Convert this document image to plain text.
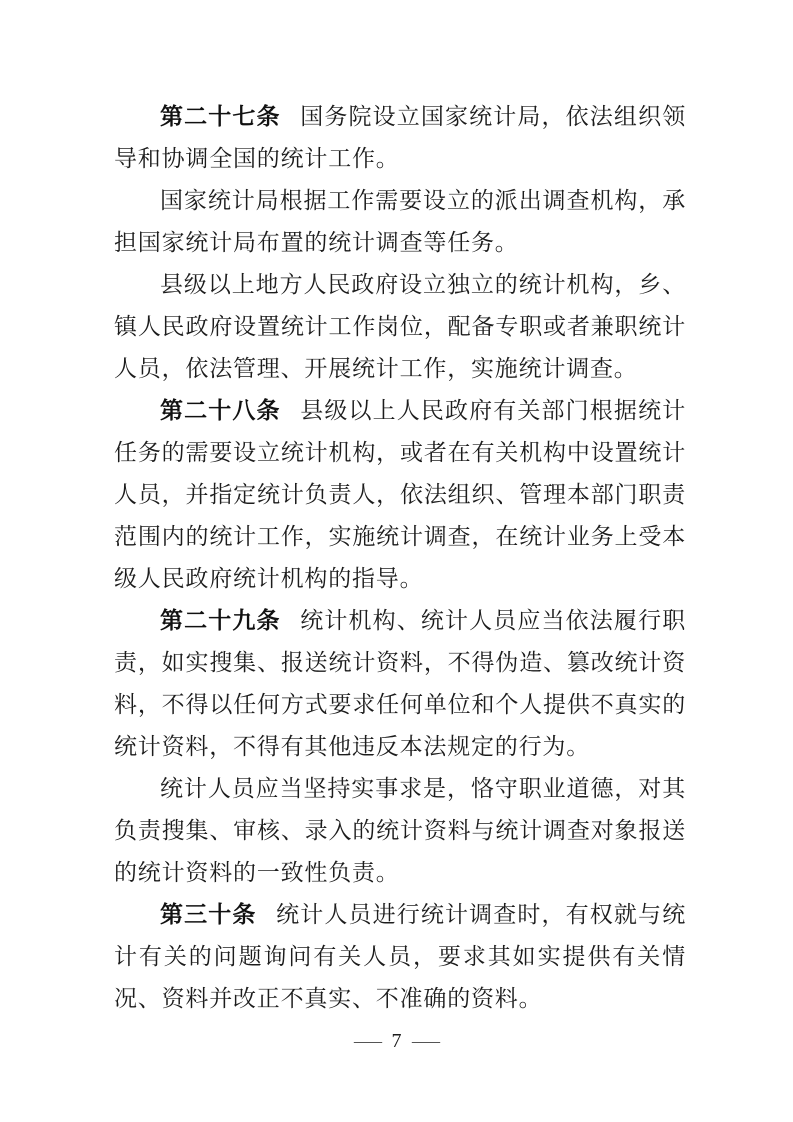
第二十七条 国务院设立国家统计局，依法组织领导和协调全国的统计工作。

国家统计局根据工作需要设立的派出调查机构，承担国家统计局布置的统计调查等任务。

县级以上地方人民政府设立独立的统计机构，乡、镇人民政府设置统计工作岗位，配备专职或者兼职统计人员，依法管理、开展统计工作，实施统计调查。

第二十八条 县级以上人民政府有关部门根据统计任务的需要设立统计机构，或者在有关机构中设置统计人员，并指定统计负责人，依法组织、管理本部门职责范围内的统计工作，实施统计调查，在统计业务上受本级人民政府统计机构的指导。

第二十九条 统计机构、统计人员应当依法履行职责，如实搜集、报送统计资料，不得伪造、篡改统计资料，不得以任何方式要求任何单位和个人提供不真实的统计资料，不得有其他违反本法规定的行为。

统计人员应当坚持实事求是，恪守职业道德，对其负责搜集、审核、录入的统计资料与统计调查对象报送的统计资料的一致性负责。

第三十条 统计人员进行统计调查时，有权就与统计有关的问题询问有关人员，要求其如实提供有关情况、资料并改正不真实、不准确的资料。

— 7 —
